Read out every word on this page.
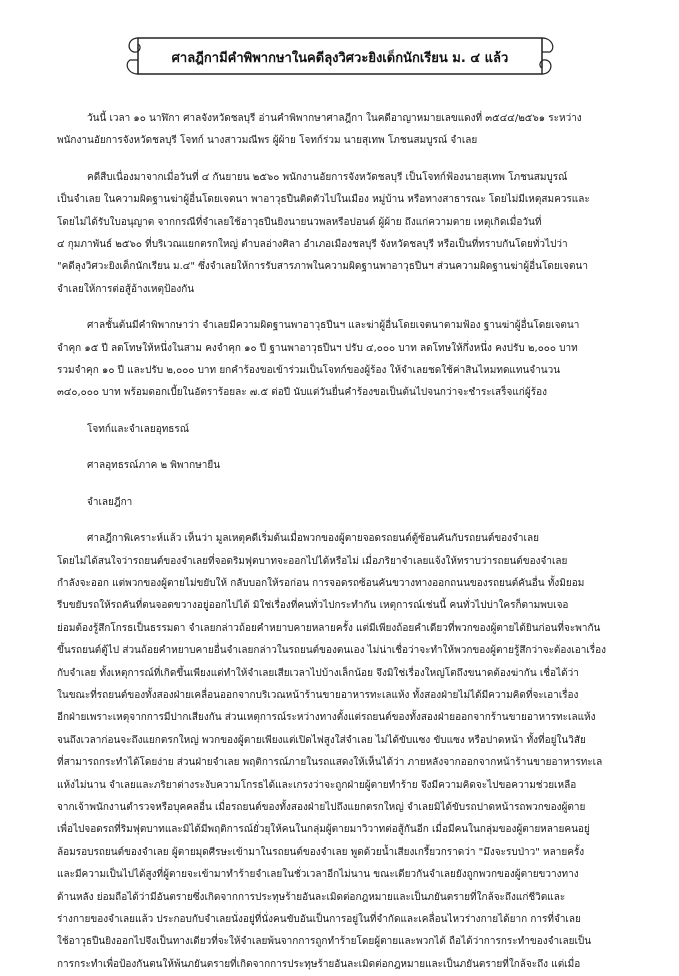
ศาลฎีกามีคำพิพากษาในคดีลุงวิศวะยิงเด็กนักเรียน ม. ๔ แล้ว
วันนี้ เวลา ๑๐ นาฬิกา ศาลจังหวัดชลบุรี อ่านคำพิพากษาศาลฎีกา ในคดีอาญาหมายเลขแดงที่ ๓๕๔๔/๒๕๖๑ ระหว่าง
พนักงานอัยการจังหวัดชลบุรี โจทก์ นางสาวมณีพร ผู้ผ้าย โจทก์ร่วม นายสุเทพ โภชนสมบูรณ์ จำเลย
คดีสืบเนื่องมาจากเมื่อวันที่ ๔ กันยายน ๒๕๖๐ พนักงานอัยการจังหวัดชลบุรี เป็นโจทก์ฟ้องนายสุเทพ โภชนสมบูรณ์
เป็นจำเลย ในความผิดฐานฆ่าผู้อื่นโดยเจตนา พาอาวุธปืนติดตัวไปในเมือง หมู่บ้าน หรือทางสาธารณะ โดยไม่มีเหตุสมควรและ
โดยไม่ได้รับใบอนุญาต จากกรณีที่จำเลยใช้อาวุธปืนยิงนายนวพลหรือปอนด์ ผู้ผ้าย ถึงแก่ความตาย เหตุเกิดเมื่อวันที่
๔ กุมภาพันธ์ ๒๕๖๐ ที่บริเวณแยกตรกใหญ่ ตำบลอ่างศิลา อำเภอเมืองชลบุรี จังหวัดชลบุรี หรือเป็นที่ทราบกันโดยทั่วไปว่า
"คดีลุงวิศวะยิงเด็กนักเรียน ม.๔" ซึ่งจำเลยให้การรับสารภาพในความผิดฐานพาอาวุธปืนฯ ส่วนความผิดฐานฆ่าผู้อื่นโดยเจตนา
จำเลยให้การต่อสู้อ้างเหตุป้องกัน
ศาลชั้นต้นมีคำพิพากษาว่า จำเลยมีความผิดฐานพาอาวุธปืนฯ และฆ่าผู้อื่นโดยเจตนาตามฟ้อง ฐานฆ่าผู้อื่นโดยเจตนา
จำคุก ๑๕ ปี ลดโทษให้หนึ่งในสาม คงจำคุก ๑๐ ปี ฐานพาอาวุธปืนฯ ปรับ ๔,๐๐๐ บาท ลดโทษให้กึ่งหนึ่ง คงปรับ ๒,๐๐๐ บาท
รวมจำคุก ๑๐ ปี และปรับ ๒,๐๐๐ บาท ยกคำร้องขอเข้าร่วมเป็นโจทก์ของผู้ร้อง ให้จำเลยชดใช้ค่าสินไหมทดแทนจำนวน
๓๔๐,๐๐๐ บาท พร้อมดอกเบี้ยในอัตราร้อยละ ๗.๕ ต่อปี นับแต่วันยื่นคำร้องขอเป็นต้นไปจนกว่าจะชำระเสร็จแก่ผู้ร้อง

โจทก์และจำเลยอุทธรณ์

ศาลอุทธรณ์ภาค ๒ พิพากษายืน

จำเลยฎีกา

ศาลฎีกาพิเคราะห์แล้ว เห็นว่า มูลเหตุคดีเริ่มต้นเมื่อพวกของผู้ตายจอดรถยนต์ตู้ซ้อนคันกับรถยนต์ของจำเลย
โดยไม่ได้สนใจว่ารถยนต์ของจำเลยที่จอดริมฟุตบาทจะออกไปได้หรือไม่ เมื่อภริยาจำเลยแจ้งให้ทราบว่ารถยนต์ของจำเลย
กำลังจะออก แต่พวกของผู้ตายไม่ขยับให้ กลับบอกให้รอก่อน การจอดรถซ้อนคันขวางทางออกถนนของรถยนต์คันอื่น ทั้งมิยอม
รีบขยับรถให้รถคันที่ตนจอดขวางอยู่ออกไปได้ มิใช่เรื่องที่คนทั่วไปกระทำกัน เหตุการณ์เช่นนี้ คนทั่วไปบ่าใครก็ตามพบเจอ
ย่อมต้องรู้สึกโกรธเป็นธรรมดา จำเลยกล่าวถ้อยคำหยาบคายหลายครั้ง แต่มีเพียงถ้อยคำเดียวที่พวกของผู้ตายได้ยินก่อนที่จะพากัน
ขึ้นรถยนต์ตู้ไป ส่วนถ้อยคำหยาบคายอื่นจำเลยกล่าวในรถยนต์ของตนเอง ไม่น่าเชื่อว่าจะทำให้พวกของผู้ตายรู้สึกว่าจะต้องเอาเรื่อง
กับจำเลย ทั้งเหตุการณ์ที่เกิดขึ้นเพียงแต่ทำให้จำเลยเสียเวลาไปบ้างเล็กน้อย จึงมิใช่เรื่องใหญ่โตถึงขนาดต้องฆ่ากัน เชื่อได้ว่า
ในขณะที่รถยนต์ของทั้งสองฝ่ายเคลื่อนออกจากบริเวณหน้าร้านขายอาหารทะเลแห้ง ทั้งสองฝ่ายไม่ได้มีความคิดที่จะเอาเรื่อง
อีกฝ่ายเพราะเหตุจากการมีปากเสียงกัน ส่วนเหตุการณ์ระหว่างทางตั้งแต่รถยนต์ของทั้งสองฝ่ายออกจากร้านขายอาหารทะเลแห้ง
จนถึงเวลาก่อนจะถึงแยกตรกใหญ่ พวกของผู้ตายเพียงแต่เปิดไฟสูงใส่จำเลย ไม่ได้ขับแซง ขับแซง หรือปาดหน้า ทั้งที่อยู่ในวิสัย
ที่สามารถกระทำได้โดยง่าย ส่วนฝ่ายจำเลย พฤติการณ์ภายในรถแสดงให้เห็นได้ว่า ภายหลังจากออกจากหน้าร้านขายอาหารทะเล
แห้งไม่นาน จำเลยและภริยาต่างระงับความโกรธได้และเกรงว่าจะถูกฝ่ายผู้ตายทำร้าย จึงมีความคิดจะไปขอความช่วยเหลือ
จากเจ้าพนักงานตำรวจหรือบุคคลอื่น เมื่อรถยนต์ของทั้งสองฝ่ายไปถึงแยกตรกใหญ่ จำเลยมิได้ขับรถปาดหน้ารถพวกของผู้ตาย
เพื่อไปจอดรถที่ริมฟุตบาทและมิได้มีพฤติการณ์ยั่วยุให้คนในกลุ่มผู้ตายมาวิวาทต่อสู้กันอีก เมื่อมีคนในกลุ่มของผู้ตายหลายคนอยู่
ล้อมรอบรถยนต์ของจำเลย ผู้ตายมุดศีรษะเข้ามาในรถยนต์ของจำเลย พูดด้วยน้ำเสียงเกรี้ยวกราดว่า "มึงจะรบป่าว" หลายครั้ง
และมีความเป็นไปได้สูงที่ผู้ตายจะเข้ามาทำร้ายจำเลยในชั่วเวลาอีกไม่นาน ขณะเดียวกันจำเลยยังถูกพวกของผู้ตายขวางทาง
ด้านหลัง ย่อมถือได้ว่ามีอันตรายซึ่งเกิดจากการประทุษร้ายอันละเมิดต่อกฎหมายและเป็นภยันตรายที่ใกล้จะถึงแก่ชีวิตและ
ร่างกายของจำเลยแล้ว ประกอบกับจำเลยนั่งอยู่ที่นั่งคนขับอันเป็นการอยู่ในที่จำกัดและเคลื่อนไหวร่างกายได้ยาก การที่จำเลย
ใช้อาวุธปืนยิงออกไปจึงเป็นทางเดียวที่จะให้จำเลยพ้นจากการถูกทำร้ายโดยผู้ตายและพวกได้ ถือได้ว่าการกระทำของจำเลยเป็น
การกระทำเพื่อป้องกันตนให้พ้นภยันตรายที่เกิดจากการประทุษร้ายอันละเมิดต่อกฎหมายและเป็นภยันตรายที่ใกล้จะถึง แต่เมื่อ
